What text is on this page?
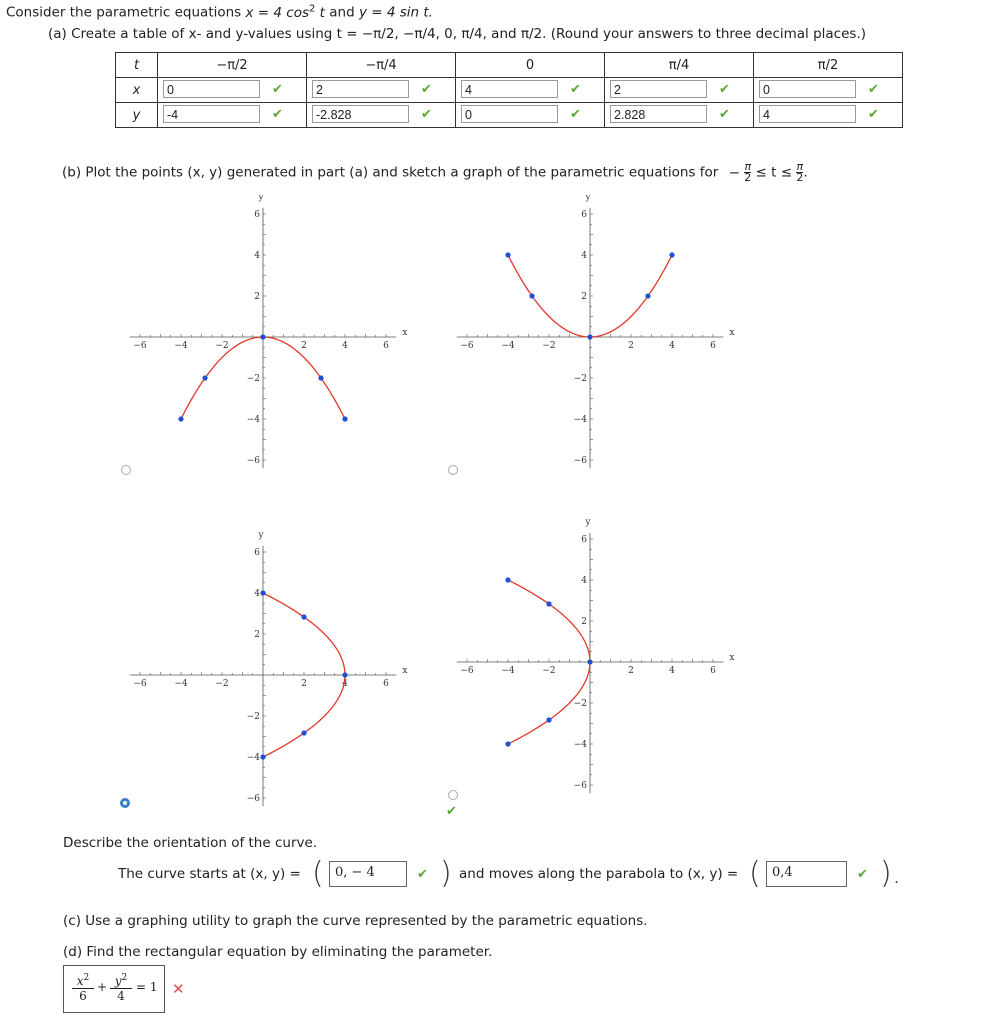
Consider the parametric equations x = 4 $\cos^2 t$ and y = 4 sin t.
(a) Create a table of x- and y-values using t = −π/2, −π/4, 0, π/4, and π/2. (Round your answers to three decimal places.)
t	−π/2	−π/4	0	π/4	π/2
x	0 ✔	2 ✔	4 ✔	2 ✔	0 ✔

y	-4 ✔	-2.828 ✔	0 ✔	2.828 ✔	4 ✔
(b) Plot the points (x, y) generated in part (a) and sketch a graph of the parametric equations for − $\frac{\pi}{2} \le t \le \frac{\pi}{2}$ .
−6	−4	−2	2	4	6
6
4
2
−2
−4
−6
x
y
−6	−4	−2	2	4	6
6
4
2
−2
−4
−6
x
y
−6	−4	−2	2	4	6
6
4
2
−2
−4
−6
x
y
−6	−4	−2	2	4	6
6
4
2
−2
−4
−6
x
y
✔
Describe the orientation of the curve.
The curve starts at (x, y) = ( 0, − 4	✔ ) and moves along the parabola to (x, y) = ( 0,4	✔ ).
(c) Use a graphing utility to graph the curve represented by the parametric equations.
(d) Find the rectangular equation by eliminating the parameter.
$x^2$
6
+ $y^2$
4
= 1 ✕
